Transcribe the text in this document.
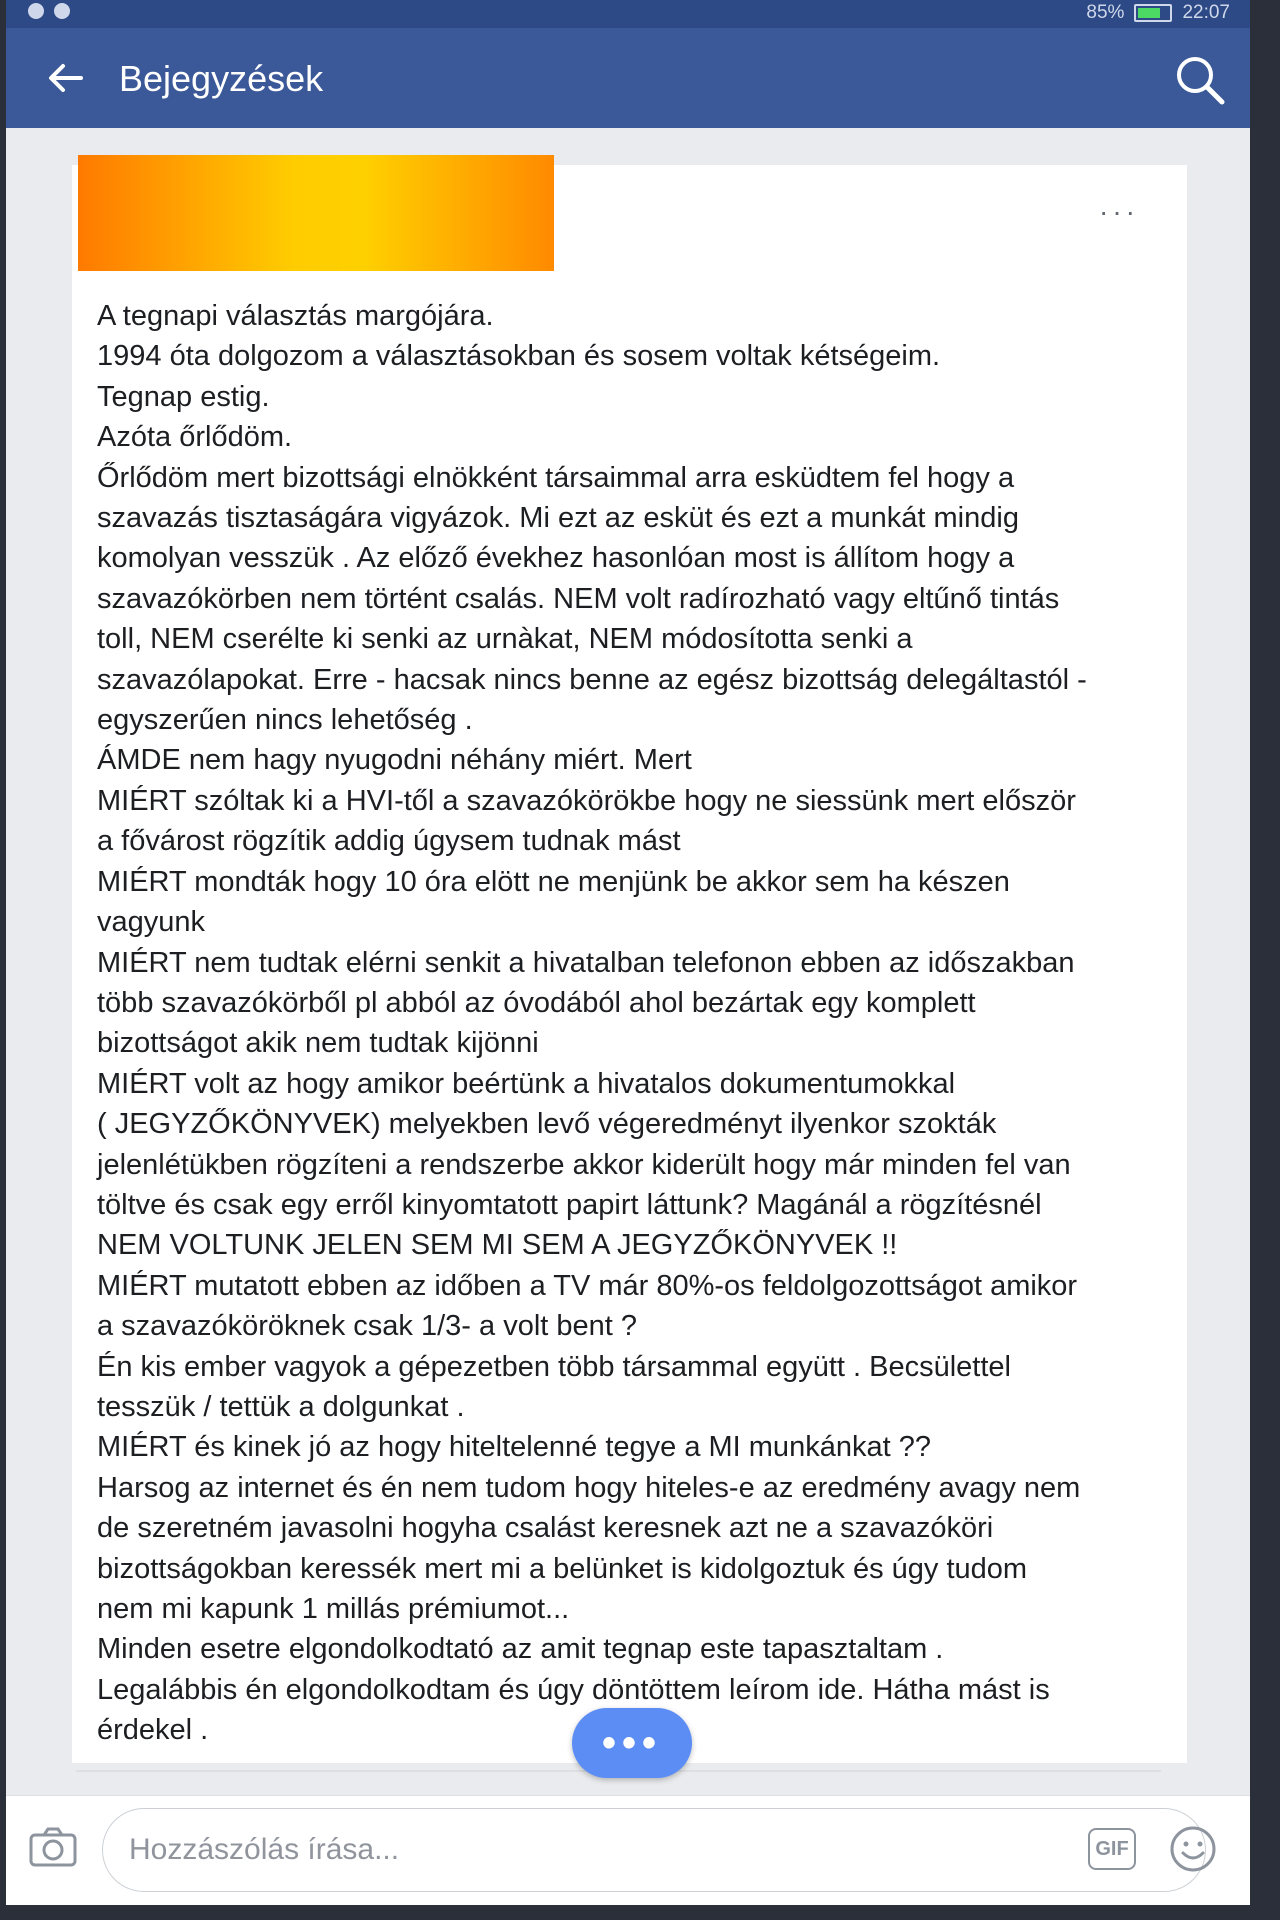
85%	22:07
Bejegyzések
···
A tegnapi választás margójára.
1994 óta dolgozom a választásokban és sosem voltak kétségeim.
Tegnap estig.
Azóta őrlődöm.
Őrlődöm mert bizottsági elnökként társaimmal arra esküdtem fel hogy a
szavazás tisztaságára vigyázok. Mi ezt az esküt és ezt a munkát mindig
komolyan vesszük . Az előző évekhez hasonlóan most is állítom hogy a
szavazókörben nem történt csalás. NEM volt radírozható vagy eltűnő tintás
toll, NEM cserélte ki senki az urnàkat, NEM módosította senki a
szavazólapokat. Erre - hacsak nincs benne az egész bizottság delegáltastól -
egyszerűen nincs lehetőség .
ÁMDE nem hagy nyugodni néhány miért. Mert
MIÉRT szóltak ki a HVI-től a szavazókörökbe hogy ne siessünk mert először
a fővárost rögzítik addig úgysem tudnak mást
MIÉRT mondták hogy 10 óra elött ne menjünk be akkor sem ha készen
vagyunk
MIÉRT nem tudtak elérni senkit a hivatalban telefonon ebben az időszakban
több szavazókörből pl abból az óvodából ahol bezártak egy komplett
bizottságot akik nem tudtak kijönni
MIÉRT volt az hogy amikor beértünk a hivatalos dokumentumokkal
( JEGYZŐKÖNYVEK) melyekben levő végeredményt ilyenkor szokták
jelenlétükben rögzíteni a rendszerbe akkor kiderült hogy már minden fel van
töltve és csak egy erről kinyomtatott papirt láttunk? Magánál a rögzítésnél
NEM VOLTUNK JELEN SEM MI SEM A JEGYZŐKÖNYVEK !!
MIÉRT mutatott ebben az időben a TV már 80%-os feldolgozottságot amikor
a szavazóköröknek csak 1/3- a volt bent ?
Én kis ember vagyok a gépezetben több társammal együtt . Becsülettel
tesszük / tettük a dolgunkat .
MIÉRT és kinek jó az hogy hiteltelenné tegye a MI munkánkat ??
Harsog az internet és én nem tudom hogy hiteles-e az eredmény avagy nem
de szeretném javasolni hogyha csalást keresnek azt ne a szavazóköri
bizottságokban keressék mert mi a belünket is kidolgoztuk és úgy tudom
nem mi kapunk 1 millás prémiumot...
Minden esetre elgondolkodtató az amit tegnap este tapasztaltam .
Legalábbis én elgondolkodtam és úgy döntöttem leírom ide. Hátha mást is
érdekel .	•••
Hozzászólás írása...
GIF
